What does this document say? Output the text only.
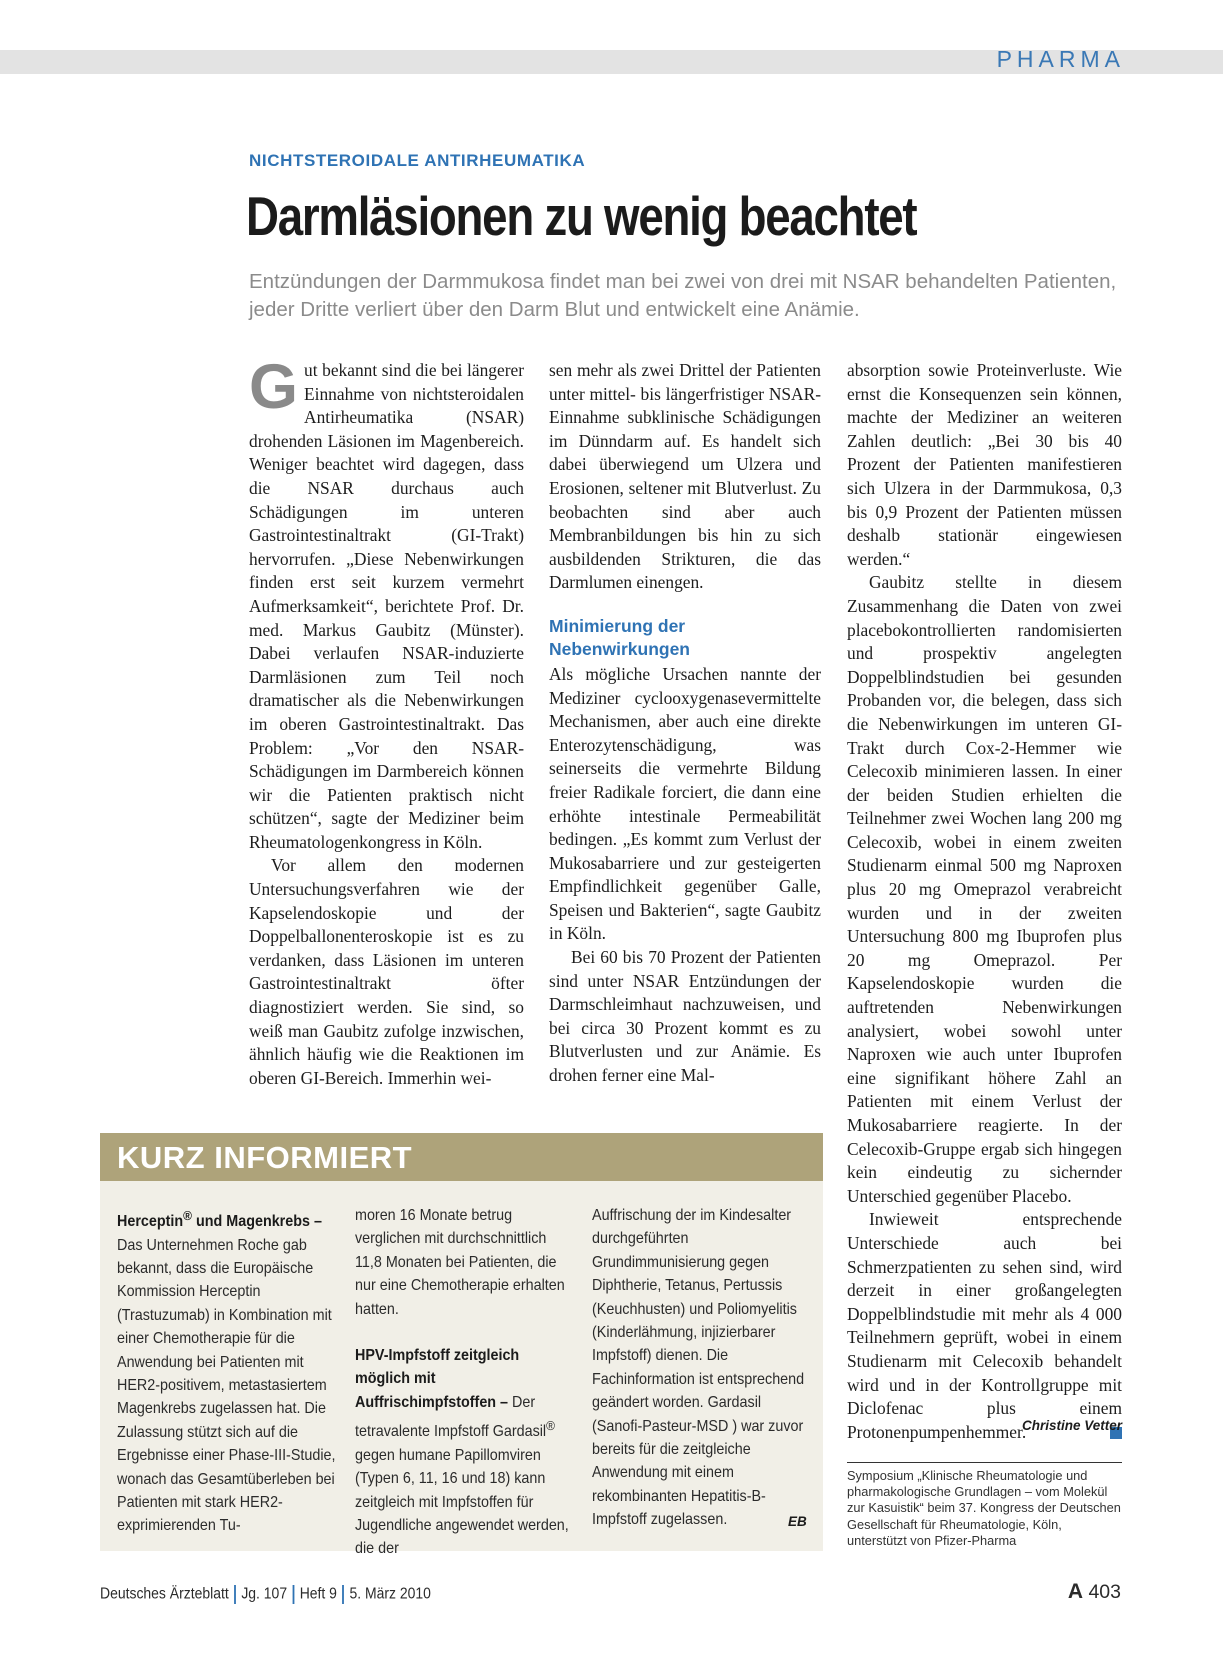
PHARMA
NICHTSTEROIDALE ANTIRHEUMATIKA
Darmläsionen zu wenig beachtet
Entzündungen der Darmmukosa findet man bei zwei von drei mit NSAR behandelten Patienten, jeder Dritte verliert über den Darm Blut und entwickelt eine Anämie.

Gut bekannt sind die bei längerer Einnahme von nichtsteroidalen Antirheumatika (NSAR) drohenden Läsionen im Magenbereich. Weniger beachtet wird dagegen, dass die NSAR durchaus auch Schädigungen im unteren Gastrointestinaltrakt (GI-Trakt) hervorrufen. „Diese Nebenwirkungen finden erst seit kurzem vermehrt Aufmerksamkeit“, berichtete Prof. Dr. med. Markus Gaubitz (Münster). Dabei verlaufen NSAR-induzierte Darmläsionen zum Teil noch dramatischer als die Nebenwirkungen im oberen Gastrointestinaltrakt. Das Problem: „Vor den NSAR-Schädigungen im Darmbereich können wir die Patienten praktisch nicht schützen“, sagte der Mediziner beim Rheumatologenkongress in Köln.

Vor allem den modernen Untersuchungsverfahren wie der Kapselendoskopie und der Doppelballonenteroskopie ist es zu verdanken, dass Läsionen im unteren Gastrointestinaltrakt öfter diagnostiziert werden. Sie sind, so weiß man Gaubitz zufolge inzwischen, ähnlich häufig wie die Reaktionen im oberen GI-Bereich. Immerhin wei-

sen mehr als zwei Drittel der Patienten unter mittel- bis längerfristiger NSAR-Einnahme subklinische Schädigungen im Dünndarm auf. Es handelt sich dabei überwiegend um Ulzera und Erosionen, seltener mit Blutverlust. Zu beobachten sind aber auch Membranbildungen bis hin zu sich ausbildenden Strikturen, die das Darmlumen einengen.

Minimierung der Nebenwirkungen

Als mögliche Ursachen nannte der Mediziner cyclooxygenasevermittelte Mechanismen, aber auch eine direkte Enterozytenschädigung, was seinerseits die vermehrte Bildung freier Radikale forciert, die dann eine erhöhte intestinale Permeabilität bedingen. „Es kommt zum Verlust der Mukosabarriere und zur gesteigerten Empfindlichkeit gegenüber Galle, Speisen und Bakterien“, sagte Gaubitz in Köln.

Bei 60 bis 70 Prozent der Patienten sind unter NSAR Entzündungen der Darmschleimhaut nachzuweisen, und bei circa 30 Prozent kommt es zu Blutverlusten und zur Anämie. Es drohen ferner eine Mal-

absorption sowie Proteinverluste. Wie ernst die Konsequenzen sein können, machte der Mediziner an weiteren Zahlen deutlich: „Bei 30 bis 40 Prozent der Patienten manifestieren sich Ulzera in der Darmmukosa, 0,3 bis 0,9 Prozent der Patienten müssen deshalb stationär eingewiesen werden.“

Gaubitz stellte in diesem Zusammenhang die Daten von zwei placebokontrollierten randomisierten und prospektiv angelegten Doppelblindstudien bei gesunden Probanden vor, die belegen, dass sich die Nebenwirkungen im unteren GI-Trakt durch Cox-2-Hemmer wie Celecoxib minimieren lassen. In einer der beiden Studien erhielten die Teilnehmer zwei Wochen lang 200 mg Celecoxib, wobei in einem zweiten Studienarm einmal 500 mg Naproxen plus 20 mg Omeprazol verabreicht wurden und in der zweiten Untersuchung 800 mg Ibuprofen plus 20 mg Omeprazol. Per Kapselendoskopie wurden die auftretenden Nebenwirkungen analysiert, wobei sowohl unter Naproxen wie auch unter Ibuprofen eine signifikant höhere Zahl an Patienten mit einem Verlust der Mukosabarriere reagierte. In der Celecoxib-Gruppe ergab sich hingegen kein eindeutig zu sichernder Unterschied gegenüber Placebo.

Inwieweit entsprechende Unterschiede auch bei Schmerzpatienten zu sehen sind, wird derzeit in einer großangelegten Doppelblindstudie mit mehr als 4 000 Teilnehmern geprüft, wobei in einem Studienarm mit Celecoxib behandelt wird und in der Kontrollgruppe mit Diclofenac plus einem Protonenpumpenhemmer.

Christine Vetter
Symposium „Klinische Rheumatologie und pharmakologische Grundlagen – vom Molekül zur Kasuistik“ beim 37. Kongress der Deutschen Gesellschaft für Rheumatologie, Köln, unterstützt von Pfizer-Pharma
KURZ INFORMIERT

Herceptin® und Magenkrebs – Das Unternehmen Roche gab bekannt, dass die Europäische Kommission Herceptin (Trastuzumab) in Kombination mit einer Chemotherapie für die Anwendung bei Patienten mit HER2-positivem, metastasiertem Magenkrebs zugelassen hat. Die Zulassung stützt sich auf die Ergebnisse einer Phase-III-Studie, wonach das Gesamtüberleben bei Patienten mit stark HER2-exprimierenden Tu-

moren 16 Monate betrug verglichen mit durchschnittlich 11,8 Monaten bei Patienten, die nur eine Chemotherapie erhalten hatten.

HPV-Impfstoff zeitgleich möglich mit Auffrischimpfstoffen – Der tetravalente Impfstoff Gardasil® gegen humane Papillomviren (Typen 6, 11, 16 und 18) kann zeitgleich mit Impfstoffen für Jugendliche angewendet werden, die der

Auffrischung der im Kindesalter durchgeführten Grundimmunisierung gegen Diphtherie, Tetanus, Pertussis (Keuchhusten) und Poliomyelitis (Kinderlähmung, injizierbarer Impfstoff) dienen. Die Fachinformation ist entsprechend geändert worden. Gardasil (Sanofi-Pasteur-MSD ) war zuvor bereits für die zeitgleiche Anwendung mit einem rekombinanten Hepatitis-B-Impfstoff zugelassen.	EB
Deutsches Ärzteblatt Jg. 107 Heft 9 5. März 2010	A 403
